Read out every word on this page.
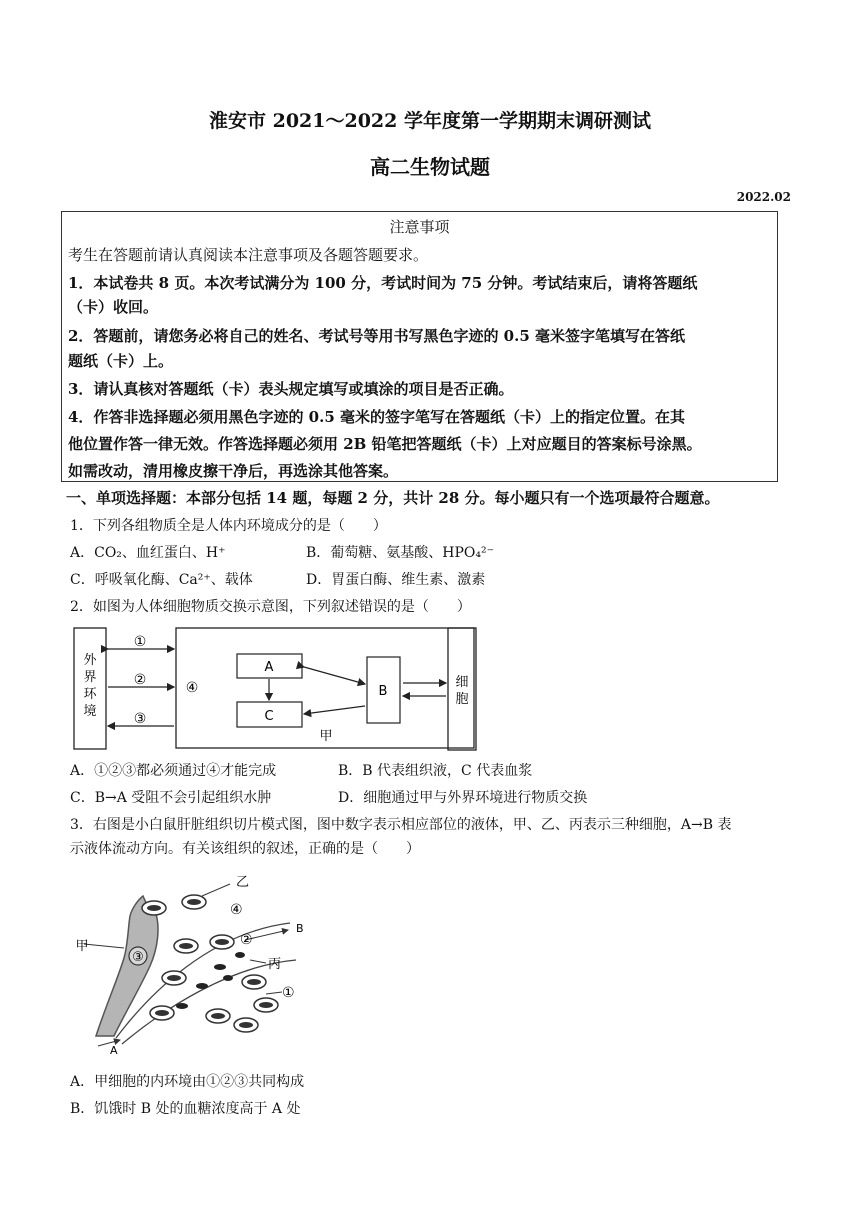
淮安市 2021～2022 学年度第一学期期末调研测试
高二生物试题
2022.02
注意事项
考生在答题前请认真阅读本注意事项及各题答题要求。
1．本试卷共 8 页。本次考试满分为 100 分，考试时间为 75 分钟。考试结束后，请将答题纸
（卡）收回。
2．答题前，请您务必将自己的姓名、考试号等用书写黑色字迹的 0.5 毫米签字笔填写在答纸
题纸（卡）上。
3．请认真核对答题纸（卡）表头规定填写或填涂的项目是否正确。
4．作答非选择题必须用黑色字迹的 0.5 毫米的签字笔写在答题纸（卡）上的指定位置。在其
他位置作答一律无效。作答选择题必须用 2B 铅笔把答题纸（卡）上对应题目的答案标号涂黑。
如需改动，清用橡皮擦干净后，再选涂其他答案。
一、单项选择题：本部分包括 14 题，每题 2 分，共计 28 分。每小题只有一个选项最符合题意。
1．下列各组物质全是人体内环境成分的是（　　）
A．CO₂、血红蛋白、H⁺	B．葡萄糖、氨基酸、HPO₄²⁻
C．呼吸氧化酶、Ca²⁺、载体	D．胃蛋白酶、维生素、激素
2．如图为人体细胞物质交换示意图，下列叙述错误的是（　　）
外
界
环
境
甲
①
②
③
④
A
C
B
细
胞
A．①②③都必须通过④才能完成	B．B 代表组织液，C 代表血浆
C．B→A 受阻不会引起组织水肿	D．细胞通过甲与外界环境进行物质交换
3．右图是小白鼠肝脏组织切片模式图，图中数字表示相应部位的液体，甲、乙、丙表示三种细胞，A→B 表
示液体流动方向。有关该组织的叙述，正确的是（　　）
③
甲
B
A
乙
④
②
丙
①
A．甲细胞的内环境由①②③共同构成
B．饥饿时 B 处的血糖浓度高于 A 处
